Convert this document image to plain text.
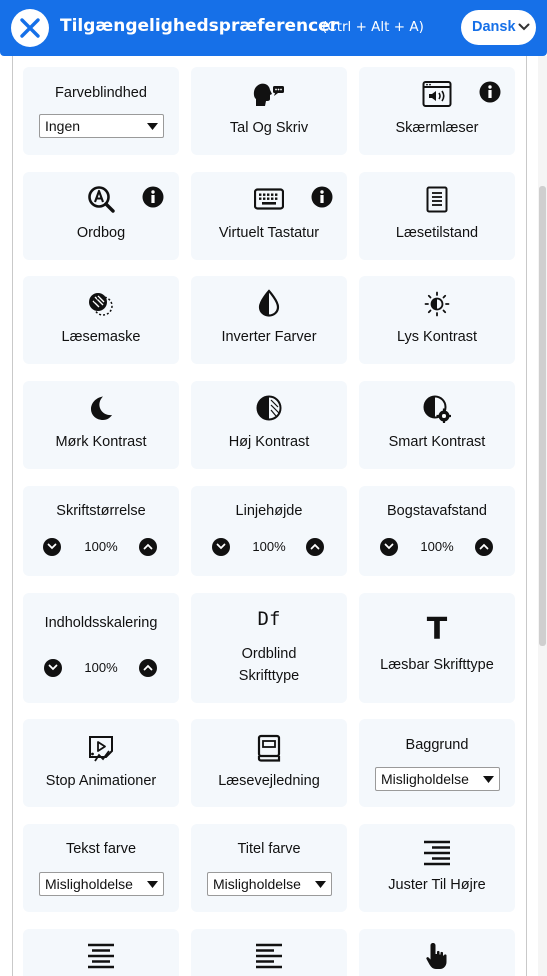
Tilgængelighedspræferencer
(Ctrl + Alt + A)	Dansk
Farveblindhed
Ingen	Tal Og Skriv	Skærmlæser
Ordbog	Virtuelt Tastatur	Læsetilstand
Læsemaske	Inverter Farver	Lys Kontrast
Mørk Kontrast	Høj Kontrast	Smart Kontrast
Skriftstørrelse
100%
Linjehøjde
100%
Bogstavafstand
100%
Indholdsskalering
100%
Df
Ordblind
Skrifttype
T
Læsbar Skrifttype
Stop Animationer	Læsevejledning
Baggrund
Misligholdelse
Tekst farve
Misligholdelse
Titel farve
Misligholdelse	Juster Til Højre
